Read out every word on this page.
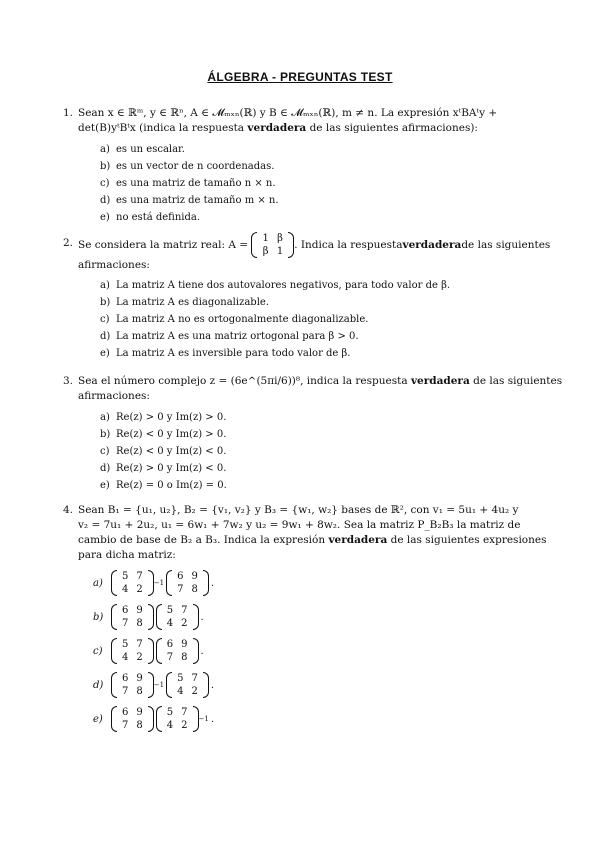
ÁLGEBRA - PREGUNTAS TEST
1. Sean x ∈ ℝᵐ, y ∈ ℝⁿ, A ∈ 𝓜ₘₓₙ(ℝ) y B ∈ 𝓜ₘₓₙ(ℝ), m ≠ n. La expresión xᵗBAᵗy +
det(B)yᵗBᵗx (indica la respuesta verdadera de las siguientes afirmaciones):
a) es un escalar.
b) es un vector de n coordenadas.
c) es una matriz de tamaño n × n.
d) es una matriz de tamaño m × n.
e) no está definida.
2. Se considera la matriz real: A =
1	β
β	1
. Indica la respuesta verdadera de las siguientes
afirmaciones:
a) La matriz A tiene dos autovalores negativos, para todo valor de β.
b) La matriz A es diagonalizable.
c) La matriz A no es ortogonalmente diagonalizable.
d) La matriz A es una matriz ortogonal para β > 0.
e) La matriz A es inversible para todo valor de β.
3. Sea el número complejo z = (6e^(5πi/6))⁸, indica la respuesta verdadera de las siguientes
afirmaciones:
a) Re(z) > 0 y Im(z) > 0.
b) Re(z) < 0 y Im(z) > 0.
c) Re(z) < 0 y Im(z) < 0.
d) Re(z) > 0 y Im(z) < 0.
e) Re(z) = 0 o Im(z) = 0.
4. Sean B₁ = {u₁, u₂}, B₂ = {v₁, v₂} y B₃ = {w₁, w₂} bases de ℝ², con v₁ = 5u₁ + 4u₂ y
v₂ = 7u₁ + 2u₂, u₁ = 6w₁ + 7w₂ y u₂ = 9w₁ + 8w₂. Sea la matriz P_B₂B₃ la matriz de
cambio de base de B₂ a B₃. Indica la expresión verdadera de las siguientes expresiones
para dicha matriz:
a)
5	7
4	2
−1
6	9
7	8
.
b)
6	9
7	8
5	7
4	2
.
c)
5	7
4	2
6	9
7	8
.
d)
6	9
7	8
−1
5	7
4	2
.
e)
6	9
7	8
5	7
4	2
−1 .
